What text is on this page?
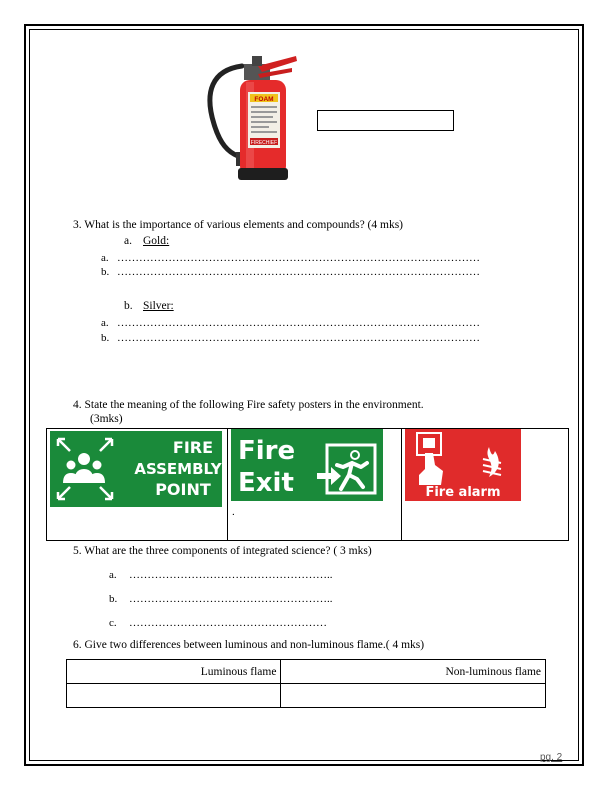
FOAM
FIRECHIEF
3. What is the importance of various elements and compounds? (4 mks)
a. Gold:
a. ………………………………………………………………………………………
b. ………………………………………………………………………………………
b. Silver:
a. ………………………………………………………………………………………
b. ………………………………………………………………………………………
4. State the meaning of the following Fire safety posters in the environment.
(3mks)
FIRE
ASSEMBLY
POINT

Fire
Exit
.

Fire alarm
5. What are the three components of integrated science? ( 3 mks)
a. ………………………………………………..
b. ………………………………………………..
c. ………………………………………………
6. Give two differences between luminous and non-luminous flame.( 4 mks)
Luminous flame	Non-luminous flame

pg. 2
